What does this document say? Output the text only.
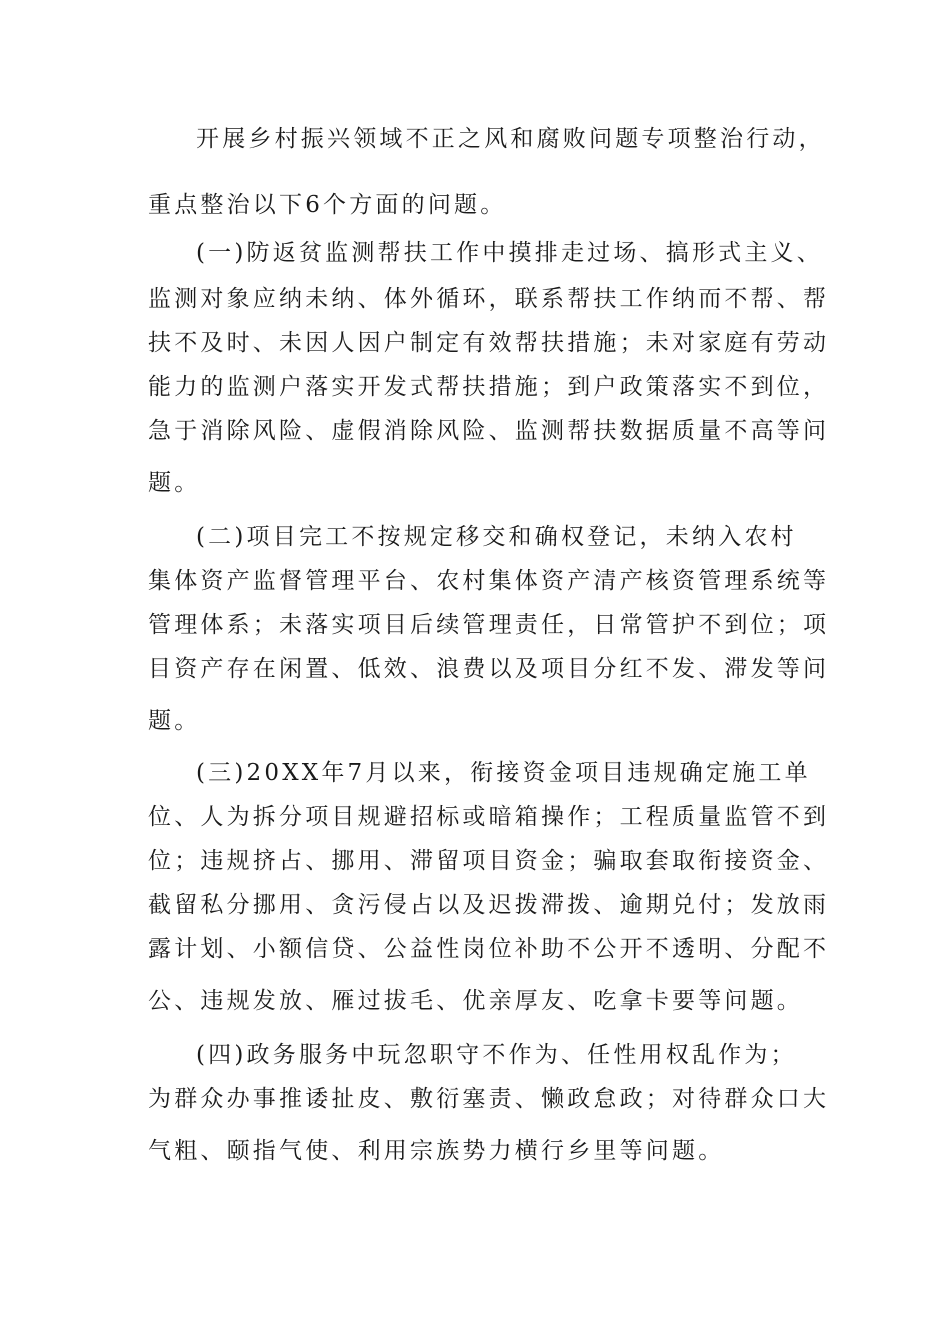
开展乡村振兴领域不正之风和腐败问题专项整治行动，
重点整治以下6个方面的问题。
(一)防返贫监测帮扶工作中摸排走过场、搞形式主义、
监测对象应纳未纳、体外循环，联系帮扶工作纳而不帮、帮
扶不及时、未因人因户制定有效帮扶措施；未对家庭有劳动
能力的监测户落实开发式帮扶措施；到户政策落实不到位，
急于消除风险、虚假消除风险、监测帮扶数据质量不高等问
题。
(二)项目完工不按规定移交和确权登记，未纳入农村
集体资产监督管理平台、农村集体资产清产核资管理系统等
管理体系；未落实项目后续管理责任，日常管护不到位；项
目资产存在闲置、低效、浪费以及项目分红不发、滞发等问
题。
(三)20XX年7月以来，衔接资金项目违规确定施工单
位、人为拆分项目规避招标或暗箱操作；工程质量监管不到
位；违规挤占、挪用、滞留项目资金；骗取套取衔接资金、
截留私分挪用、贪污侵占以及迟拨滞拨、逾期兑付；发放雨
露计划、小额信贷、公益性岗位补助不公开不透明、分配不
公、违规发放、雁过拔毛、优亲厚友、吃拿卡要等问题。
(四)政务服务中玩忽职守不作为、任性用权乱作为；
为群众办事推诿扯皮、敷衍塞责、懒政怠政；对待群众口大
气粗、颐指气使、利用宗族势力横行乡里等问题。
